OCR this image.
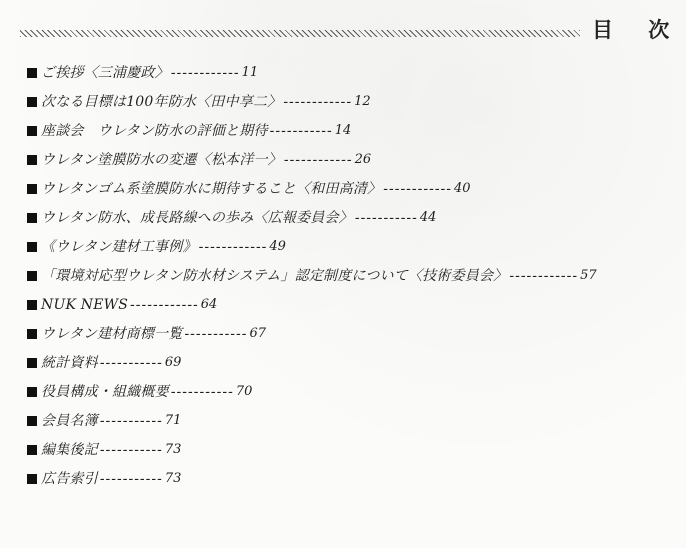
目 次
ご挨拶〈三浦慶政〉 ------------ 11
次なる目標は100年防水〈田中享二〉 ------------ 12
座談会　ウレタン防水の評価と期待 ----------- 14
ウレタン塗膜防水の変遷〈松本洋一〉 ------------ 26
ウレタンゴム系塗膜防水に期待すること〈和田高清〉 ------------ 40
ウレタン防水、成長路線への歩み〈広報委員会〉 ----------- 44
《ウレタン建材工事例》 ------------ 49
「環境対応型ウレタン防水材システム」認定制度について〈技術委員会〉 ------------ 57
NUK NEWS ------------ 64
ウレタン建材商標一覧 ----------- 67
統計資料 ----------- 69
役員構成・組織概要 ----------- 70
会員名簿 ----------- 71
編集後記 ----------- 73
広告索引 ----------- 73
